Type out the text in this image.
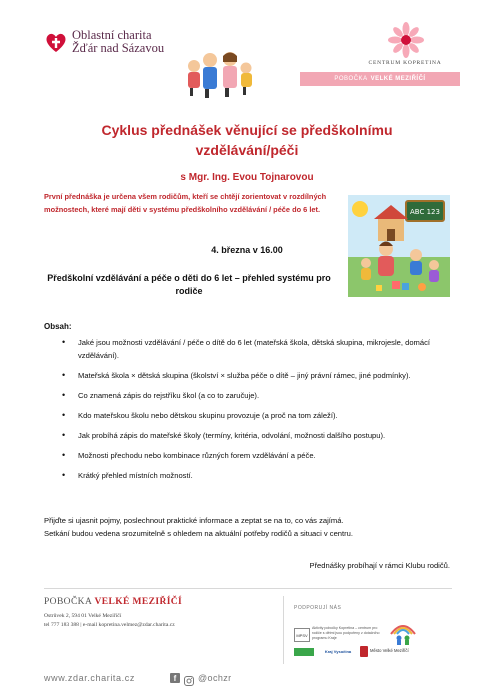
Oblastní charita
Žďár nad Sázavou
CENTRUM KOPRETINA
POBOČKA VELKÉ MEZIŘÍČÍ
Cyklus přednášek věnující se předškolnímu vzdělávání/péči
s Mgr. Ing. Evou Tojnarovou
První přednáška je určena všem rodičům, kteří se chtějí zorientovat v rozdílných možnostech, které mají děti v systému předškolního vzdělávání / péče do 6 let.	ABC 123
4. března v 16.00
Předškolní vzdělávání a péče o děti do 6 let – přehled systému pro rodiče
Obsah:
• Jaké jsou možnosti vzdělávání / péče o dítě do 6 let (mateřská škola, dětská skupina, mikrojesle, domácí vzdělávání).
• Mateřská škola × dětská skupina (školství × služba péče o dítě – jiný právní rámec, jiné podmínky).
• Co znamená zápis do rejstříku škol (a co to zaručuje).
• Kdo mateřskou školu nebo dětskou skupinu provozuje (a proč na tom záleží).
• Jak probíhá zápis do mateřské školy (termíny, kritéria, odvolání, možnosti dalšího postupu).
• Možnosti přechodu nebo kombinace různých forem vzdělávání a péče.
• Krátký přehled místních možností.
Přijďte si ujasnit pojmy, poslechnout praktické informace a zeptat se na to, co vás zajímá.
Setkání budou vedena srozumitelně s ohledem na aktuální potřeby rodičů a situaci v centru.
Přednášky probíhají v rámci Klubu rodičů.
POBOČKA VELKÉ MEZIŘÍČÍ
Ostrůvek 2, 594 01 Velké Meziříčí
tel 777 183 388 | e-mail kopretina.velmez@zdar.charita.cz
PODPORUJÍ NÁS
MPSV
Aktivity pobočky Kopretina – centrum pro rodiče s dětmi jsou podpořeny z dotačního programu Kraje
Kraj Vysočina	Město Velké Meziříčí
www.zdar.charita.cz	f	@ochzr
